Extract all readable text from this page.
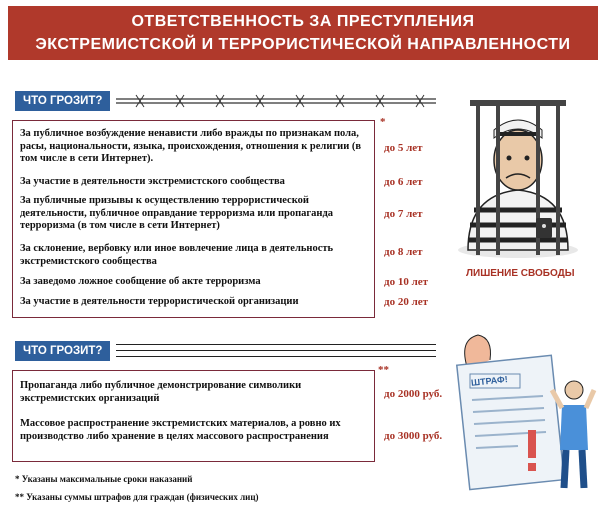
ОТВЕТСТВЕННОСТЬ ЗА ПРЕСТУПЛЕНИЯ
ЭКСТРЕМИСТСКОЙ И ТЕРРОРИСТИЧЕСКОЙ НАПРАВЛЕННОСТИ
ЧТО ГРОЗИТ?
*
За публичное возбуждение ненависти либо вражды по признакам пола, расы, национальности, языка, происхождения, отношения к религии (в том числе в сети Интернет).
до 5 лет
За участие в деятельности экстремистского сообщества	до 6 лет
За публичные призывы к осуществлению террористической деятельности, публичное оправдание терроризма или пропаганда терроризма (в том числе в сети Интернет)
до 7 лет
За склонение, вербовку или иное вовлечение лица в деятельность экстремистского сообщества
до 8 лет
За заведомо ложное сообщение об акте терроризма	до 10 лет
За участие в деятельности террористической организации	до 20 лет
ЛИШЕНИЕ СВОБОДЫ
ЧТО ГРОЗИТ?
**
Пропаганда либо публичное демонстрирование символики экстремистских организаций	до 2000 руб.
Массовое распространение экстремистских материалов, а ровно их производство либо хранение в целях массового распространения	до 3000 руб.
ШТРАФ!
* Указаны максимальные сроки наказаний
** Указаны суммы штрафов для граждан (физических лиц)
